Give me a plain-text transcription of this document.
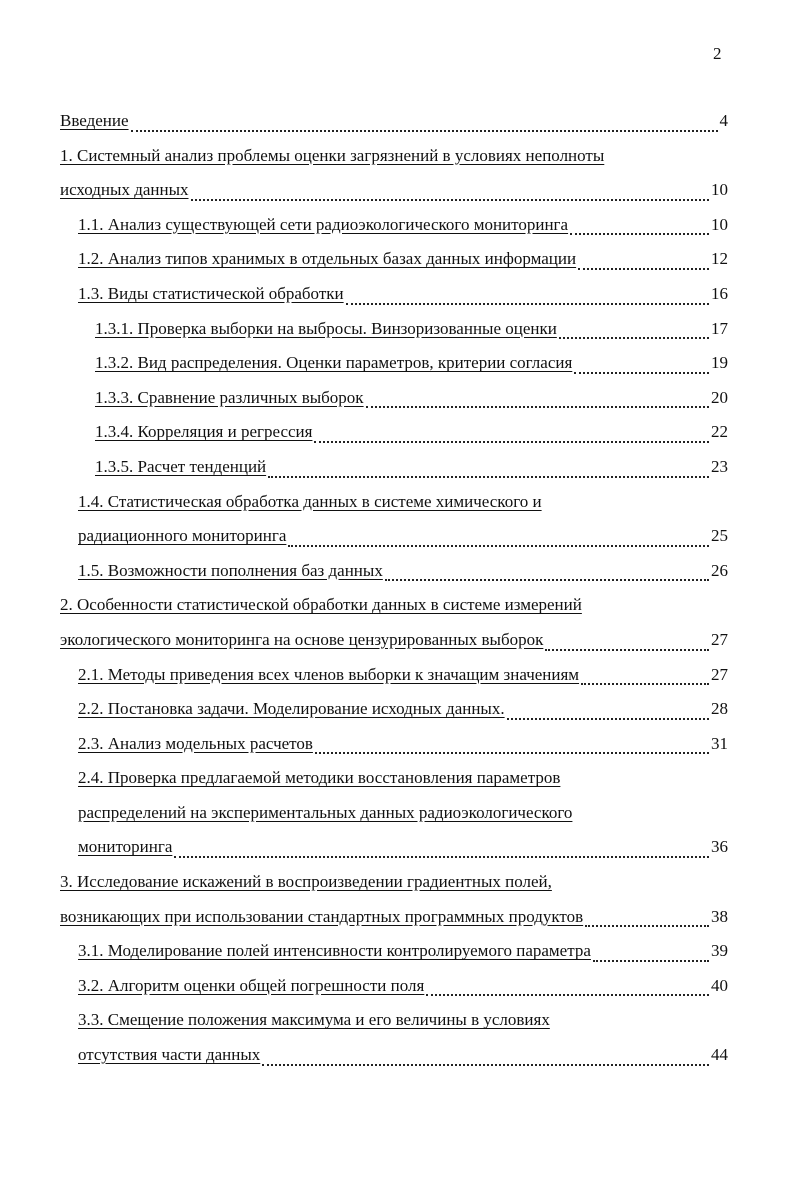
2
Введение	4
1. Системный анализ проблемы оценки загрязнений в условиях неполноты
исходных данных	10
1.1. Анализ существующей сети радиоэкологического мониторинга	10
1.2. Анализ типов хранимых в отдельных базах данных информации	12
1.3. Виды статистической обработки	16
1.3.1. Проверка выборки на выбросы. Винзоризованные оценки	17
1.3.2. Вид распределения. Оценки параметров, критерии согласия	19
1.3.3. Сравнение различных выборок	20
1.3.4. Корреляция и регрессия	22
1.3.5. Расчет тенденций	23
1.4. Статистическая обработка данных в системе химического и
радиационного мониторинга	25
1.5. Возможности пополнения баз данных	26
2. Особенности статистической обработки данных в системе измерений
экологического мониторинга на основе цензурированных выборок	27
2.1. Методы приведения всех членов выборки к значащим значениям	27
2.2. Постановка задачи. Моделирование исходных данных.	28
2.3. Анализ модельных расчетов	31
2.4. Проверка предлагаемой методики восстановления параметров
распределений на экспериментальных данных радиоэкологического
мониторинга	36
3. Исследование искажений в воспроизведении градиентных полей,
возникающих при использовании стандартных программных продуктов	38
3.1. Моделирование полей интенсивности контролируемого параметра	39
3.2. Алгоритм оценки общей погрешности поля	40
3.3. Смещение положения максимума и его величины в условиях
отсутствия части данных	44
